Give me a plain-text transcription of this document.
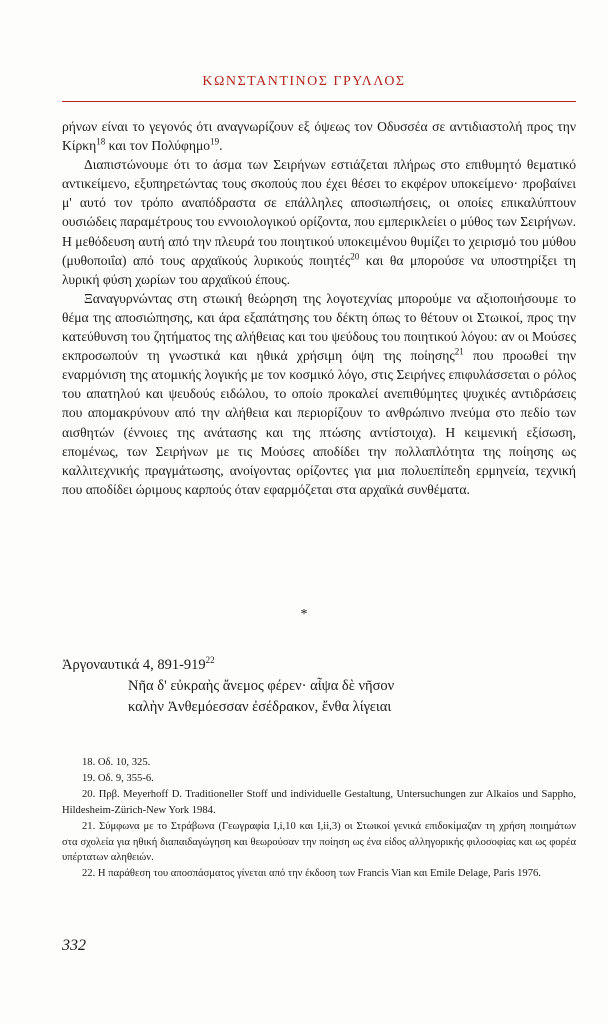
ΚΩΝΣΤΑΝΤΙΝΟΣ ΓΡΥΛΛΟΣ

ρήνων είναι το γεγονός ότι αναγνωρίζουν εξ όψεως τον Οδυσσέα σε αντιδιαστολή προς την Κίρκη$^{18}$ και τον Πολύφημο$^{19}$.

Διαπιστώνουμε ότι το άσμα των Σειρήνων εστιάζεται πλήρως στο επιθυμητό θεματικό αντικείμενο, εξυπηρετώντας τους σκοπούς που έχει θέσει το εκφέρον υποκείμενο· προβαίνει μ' αυτό τον τρόπο αναπόδραστα σε επάλληλες αποσιωπήσεις, οι οποίες επικαλύπτουν ουσιώδεις παραμέτρους του εννοιολογικού ορίζοντα, που εμπερικλείει ο μύθος των Σειρήνων. Η μεθόδευση αυτή από την πλευρά του ποιητικού υποκειμένου θυμίζει το χειρισμό του μύθου (μυθοποιΐα) από τους αρχαϊκούς λυρικούς ποιητές$^{20}$ και θα μπορούσε να υποστηρίξει τη λυρική φύση χωρίων του αρχαϊκού έπους.

Ξαναγυρνώντας στη στωική θεώρηση της λογοτεχνίας μπορούμε να αξιοποιήσουμε το θέμα της αποσιώπησης, και άρα εξαπάτησης του δέκτη όπως το θέτουν οι Στωικοί, προς την κατεύθυνση του ζητήματος της αλήθειας και του ψεύδους του ποιητικού λόγου: αν οι Μούσες εκπροσωπούν τη γνωστικά και ηθικά χρήσιμη όψη της ποίησης$^{21}$ που προωθεί την εναρμόνιση της ατομικής λογικής με τον κοσμικό λόγο, στις Σειρήνες επιφυλάσσεται ο ρόλος του απατηλού και ψευδούς ειδώλου, το οποίο προκαλεί ανεπιθύμητες ψυχικές αντιδράσεις που απομακρύνουν από την αλήθεια και περιορίζουν το ανθρώπινο πνεύμα στο πεδίο των αισθητών (έννοιες της ανάτασης και της πτώσης αντίστοιχα). Η κειμενική εξίσωση, επομένως, των Σειρήνων με τις Μούσες αποδίδει την πολλαπλότητα της ποίησης ως καλλιτεχνικής πραγμάτωσης, ανοίγοντας ορίζοντες για μια πολυεπίπεδη ερμηνεία, τεχνική που αποδίδει ώριμους καρπούς όταν εφαρμόζεται στα αρχαϊκά συνθέματα.

*
Ἀργοναυτικά 4, $891-919^{22}$
Νῆα δ' εὐκραὴς ἄνεμος φέρεν· αἶψα δὲ νῆσον
καλὴν Ἀνθεμόεσσαν ἐσέδρακον, ἔνθα λίγειαι

18. Οδ. 10, 325.

19. Οδ. 9, 355-6.

20. Πρβ. Meyerhoff D. Traditioneller Stoff und individuelle Gestaltung, Untersuchungen zur Alkaios und Sappho, Hildesheim-Zürich-New York 1984.

21. Σύμφωνα με το Στράβωνα (Γεωγραφία I,i,10 και I,ii,3) οι Στωικοί γενικά επιδοκίμαζαν τη χρήση ποιημάτων στα σχολεία για ηθική διαπαιδαγώγηση και θεωρούσαν την ποίηση ως ένα είδος αλληγορικής φιλοσοφίας και ως φορέα υπέρτατων αληθειών.

22. Η παράθεση του αποσπάσματος γίνεται από την έκδοση των Francis Vian και Emile Delage, Paris 1976.

332
